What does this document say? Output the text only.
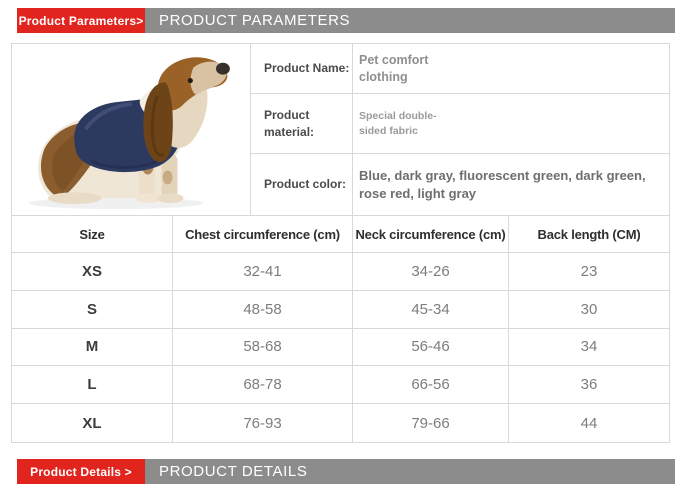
Product Parameters>	PRODUCT PARAMETERS
Product Name:
Pet comfort clothing
Product material:
Special double-sided fabric
Product color:
Blue, dark gray, fluorescent green, dark green, rose red, light gray
Size	Chest circumference (cm)	Neck circumference (cm)	Back length (CM)
XS	32-41	34-26	23
S	48-58	45-34	30
M	58-68	56-46	34
L	68-78	66-56	36
XL	76-93	79-66	44
Product Details >	PRODUCT DETAILS
